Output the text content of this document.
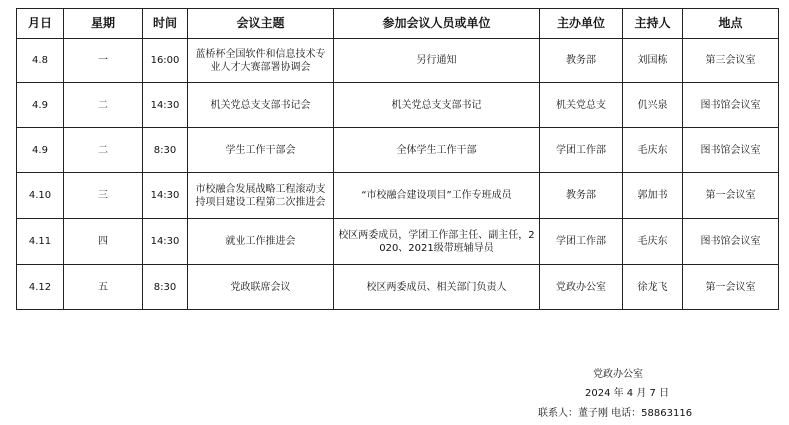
月日	星期	时间	会议主题	参加会议人员或单位	主办单位	主持人	地点
4.8	一	16:00	蓝桥杯全国软件和信息技术专业人才大赛部署协调会	另行通知	教务部	刘国栋	第三会议室
4.9	二	14:30	机关党总支支部书记会	机关党总支支部书记	机关党总支	仉兴泉	图书馆会议室
4.9	二	8:30	学生工作干部会	全体学生工作干部	学团工作部	毛庆东	图书馆会议室
4.10	三	14:30	市校融合发展战略工程滚动支持项目建设工程第二次推进会	“市校融合建设项目”工作专班成员	教务部	郭加书	第一会议室
4.11	四	14:30	就业工作推进会	校区两委成员，学团工作部主任、副主任，2020、2021级带班辅导员	学团工作部	毛庆东	图书馆会议室
4.12	五	8:30	党政联席会议	校区两委成员、相关部门负责人	党政办公室	徐龙飞	第一会议室
党政办公室
2024 年 4 月 7 日
联系人：董子刚 电话：58863116
